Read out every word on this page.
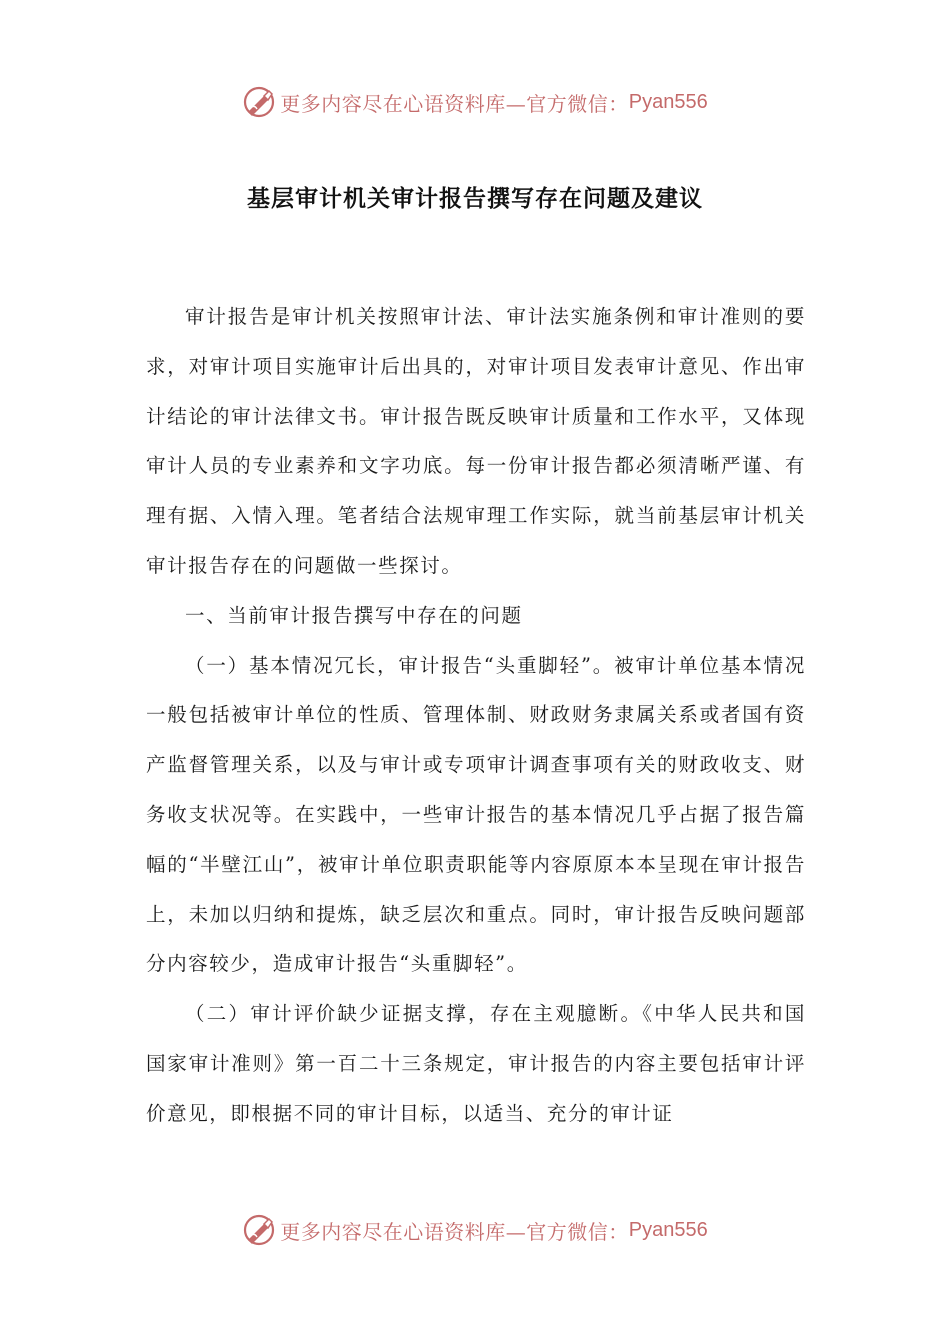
更多内容尽在心语资料库—官方微信： Pyan556
基层审计机关审计报告撰写存在问题及建议

审计报告是审计机关按照审计法、审计法实施条例和审计准则的要求，对审计项目实施审计后出具的，对审计项目发表审计意见、作出审计结论的审计法律文书。审计报告既反映审计质量和工作水平，又体现审计人员的专业素养和文字功底。每一份审计报告都必须清晰严谨、有理有据、入情入理。笔者结合法规审理工作实际，就当前基层审计机关审计报告存在的问题做一些探讨。

一、当前审计报告撰写中存在的问题

（一）基本情况冗长，审计报告“头重脚轻”。被审计单位基本情况一般包括被审计单位的性质、管理体制、财政财务隶属关系或者国有资产监督管理关系，以及与审计或专项审计调查事项有关的财政收支、财务收支状况等。在实践中，一些审计报告的基本情况几乎占据了报告篇幅的“半壁江山”，被审计单位职责职能等内容原原本本呈现在审计报告上，未加以归纳和提炼，缺乏层次和重点。同时，审计报告反映问题部分内容较少，造成审计报告“头重脚轻”。

（二）审计评价缺少证据支撑，存在主观臆断。《中华人民共和国国家审计准则》第一百二十三条规定，审计报告的内容主要包括审计评价意见，即根据不同的审计目标，以适当、充分的审计证

更多内容尽在心语资料库—官方微信： Pyan556
